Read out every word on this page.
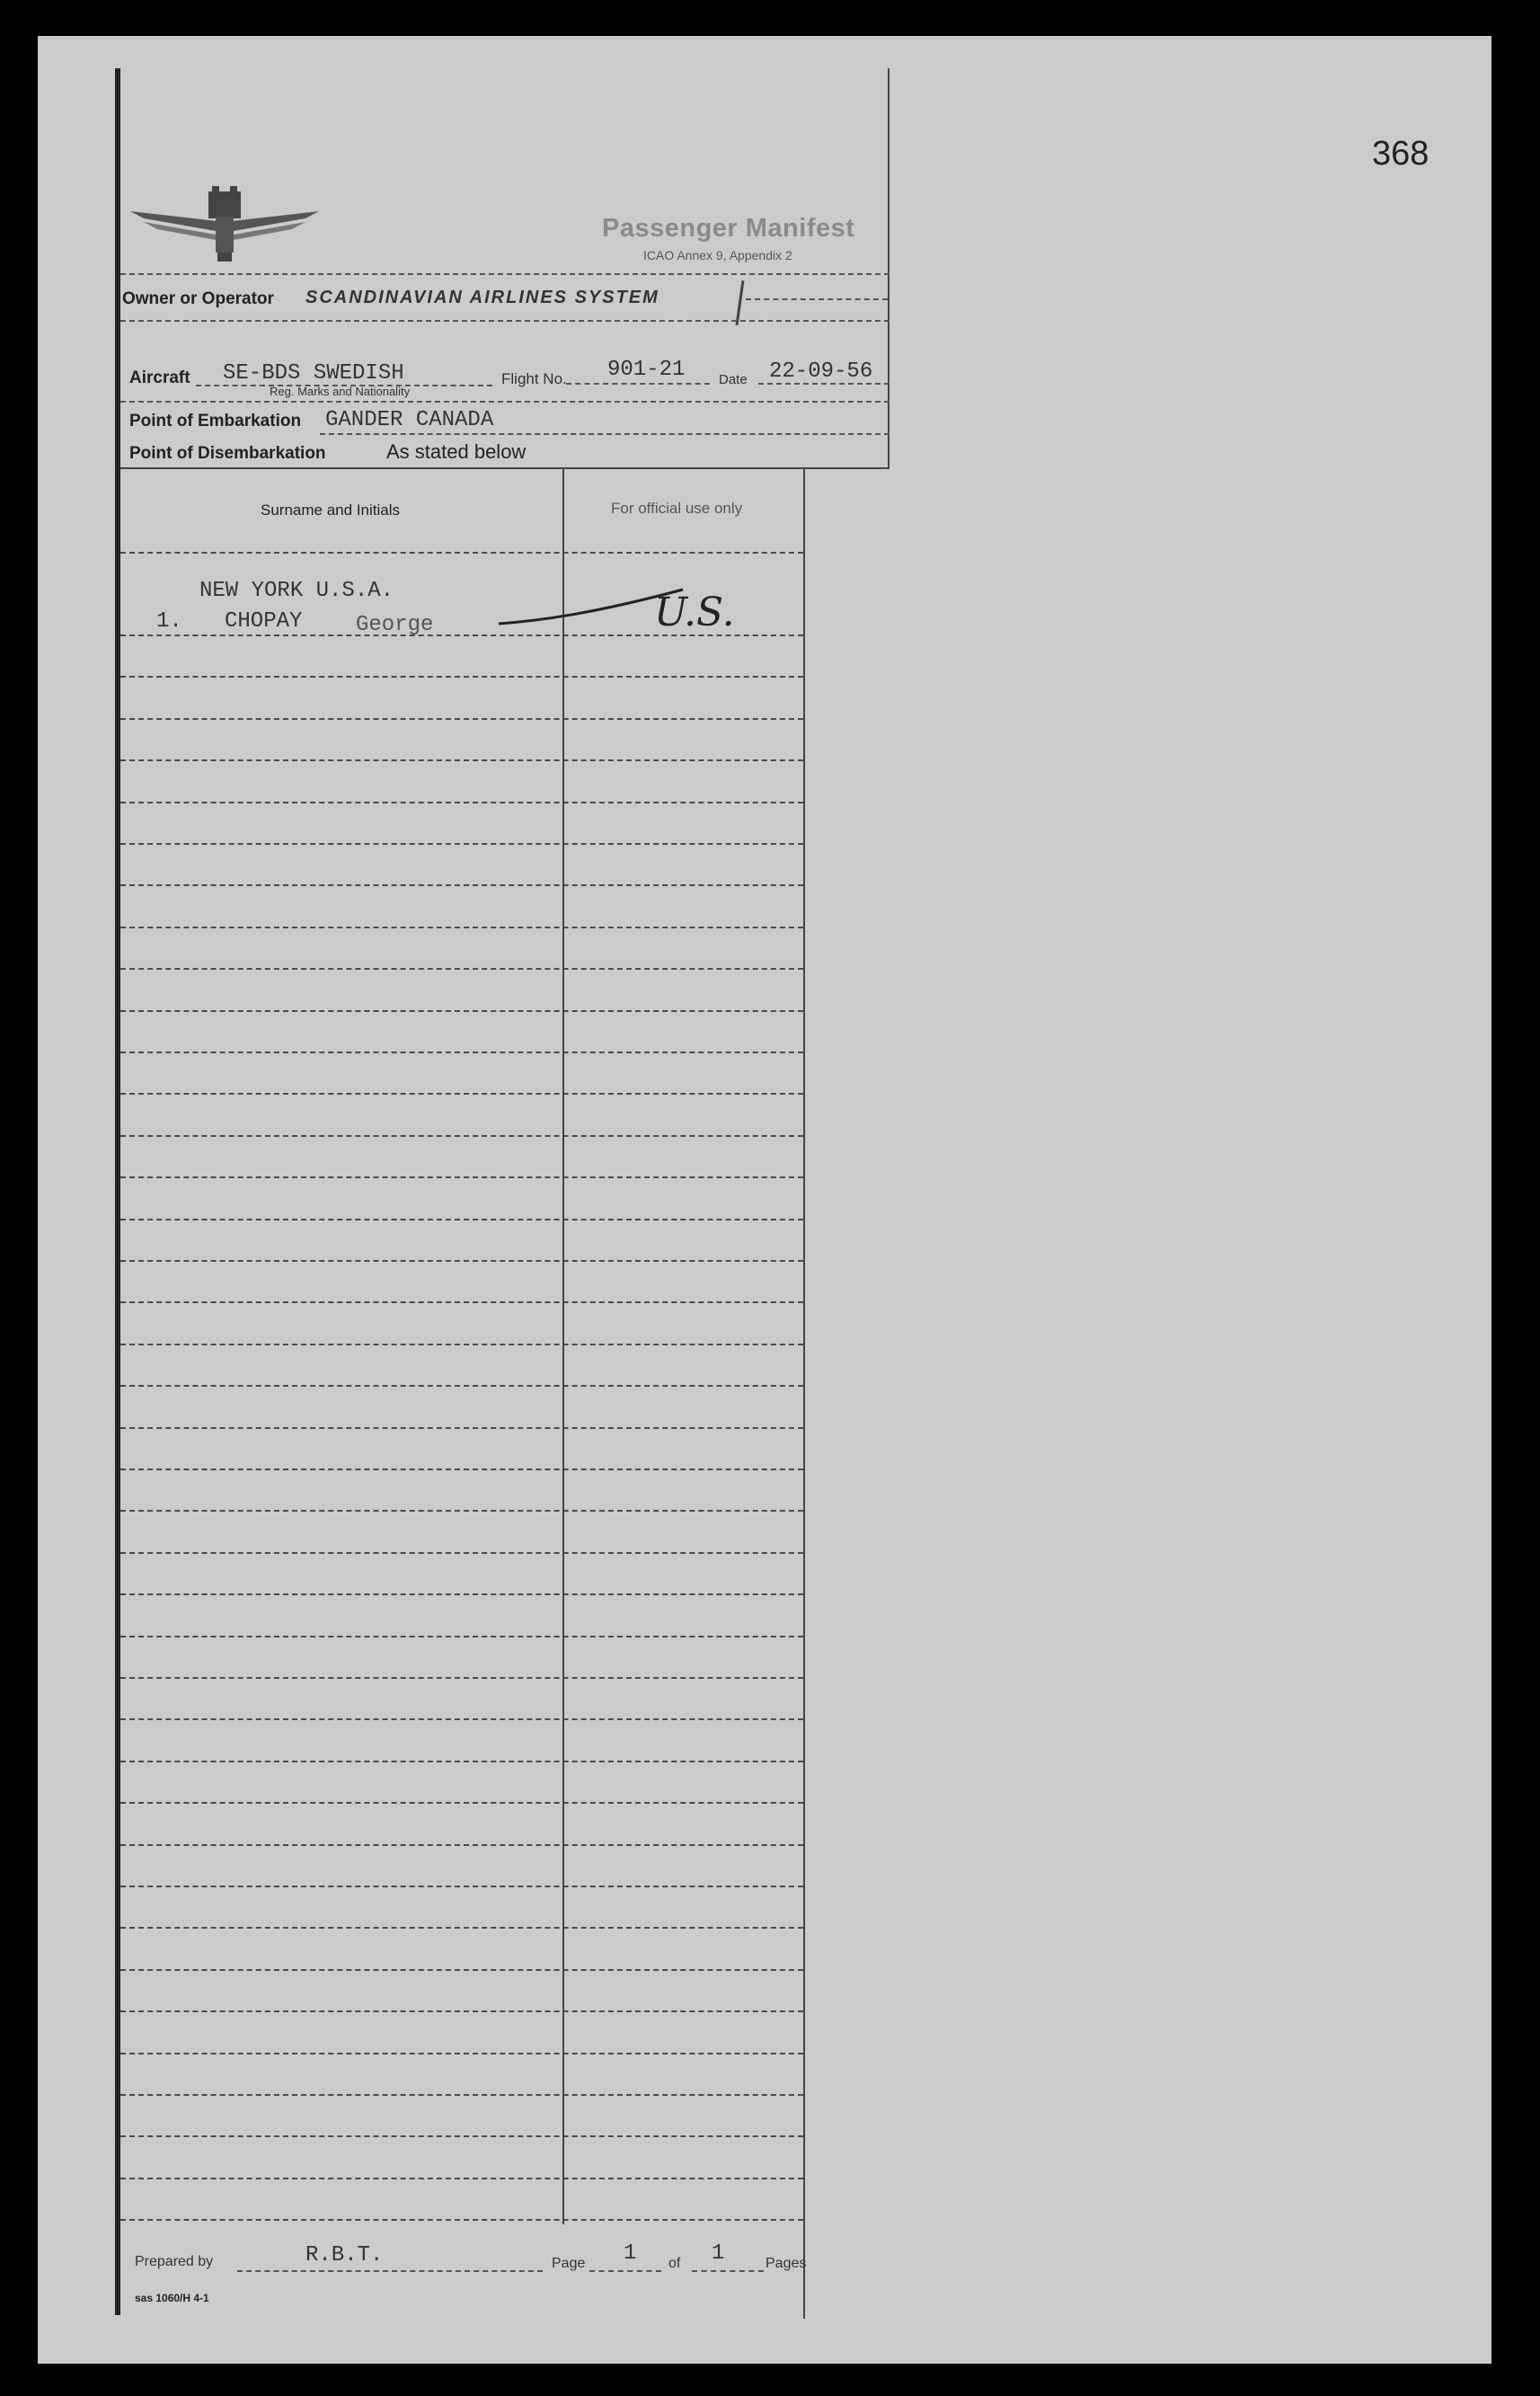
368
Passenger Manifest
ICAO Annex 9, Appendix 2
Owner or Operator SCANDINAVIAN AIRLINES SYSTEM
Aircraft SE-BDS SWEDISH
Reg. Marks and Nationality
Flight No. 901-21	Date 22-09-56
Point of Embarkation GANDER CANADA
Point of Disembarkation	As stated below
Surname and Initials	For official use only
NEW YORK U.S.A.
1. CHOPAY George	U.S.
Prepared by	R.B.T.	Page 1 of 1	Pages
sas 1060/H 4-1
